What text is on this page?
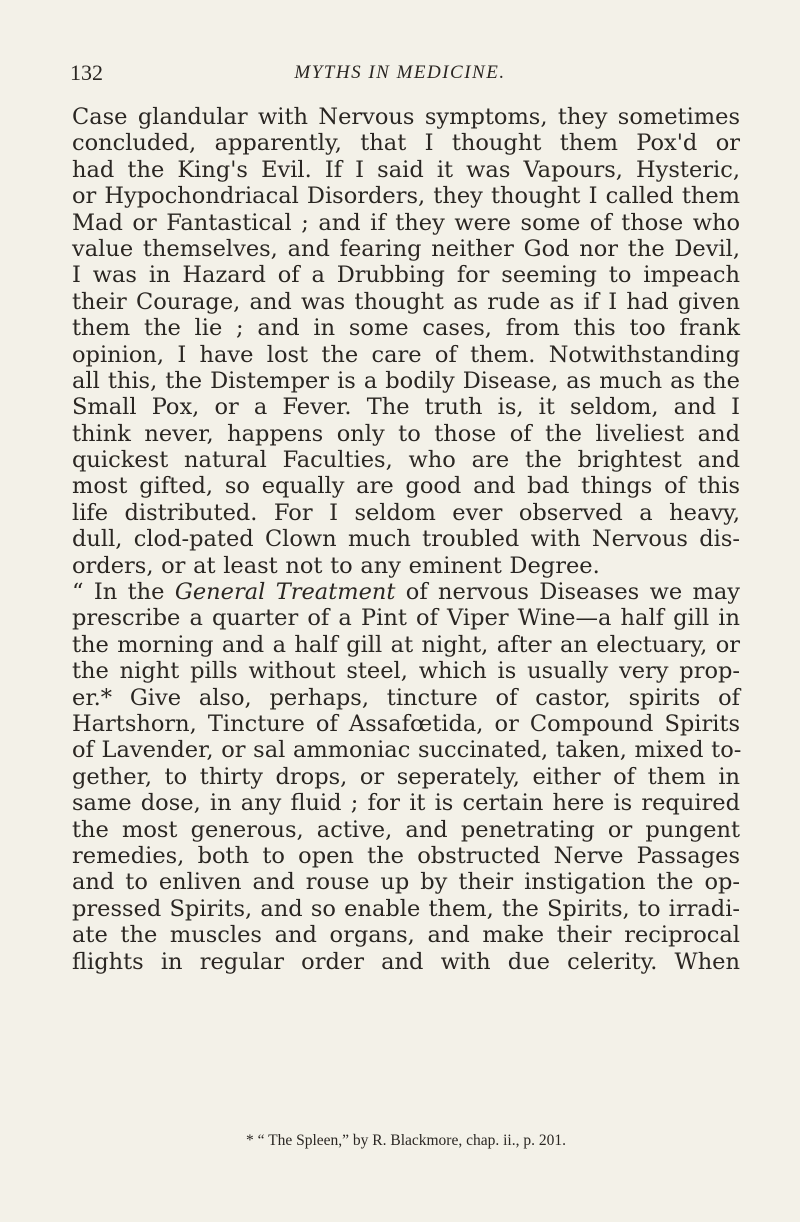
132	MYTHS IN MEDICINE.
Case glandular with Nervous symptoms, they sometimes
concluded, apparently, that I thought them Pox'd or
had the King's Evil. If I said it was Vapours, Hysteric,
or Hypochondriacal Disorders, they thought I called them
Mad or Fantastical ; and if they were some of those who
value themselves, and fearing neither God nor the Devil,
I was in Hazard of a Drubbing for seeming to impeach
their Courage, and was thought as rude as if I had given
them the lie ; and in some cases, from this too frank
opinion, I have lost the care of them. Notwithstanding
all this, the Distemper is a bodily Disease, as much as the
Small Pox, or a Fever. The truth is, it seldom, and I
think never, happens only to those of the liveliest and
quickest natural Faculties, who are the brightest and
most gifted, so equally are good and bad things of this
life distributed. For I seldom ever observed a heavy,
dull, clod-pated Clown much troubled with Nervous dis-
orders, or at least not to any eminent Degree.
“ In the General Treatment of nervous Diseases we may
prescribe a quarter of a Pint of Viper Wine—a half gill in
the morning and a half gill at night, after an electuary, or
the night pills without steel, which is usually very prop-
er.* Give also, perhaps, tincture of castor, spirits of
Hartshorn, Tincture of Assafœtida, or Compound Spirits
of Lavender, or sal ammoniac succinated, taken, mixed to-
gether, to thirty drops, or seperately, either of them in
same dose, in any fluid ; for it is certain here is required
the most generous, active, and penetrating or pungent
remedies, both to open the obstructed Nerve Passages
and to enliven and rouse up by their instigation the op-
pressed Spirits, and so enable them, the Spirits, to irradi-
ate the muscles and organs, and make their reciprocal
flights in regular order and with due celerity. When
* “ The Spleen,” by R. Blackmore, chap. ii., p. 201.
